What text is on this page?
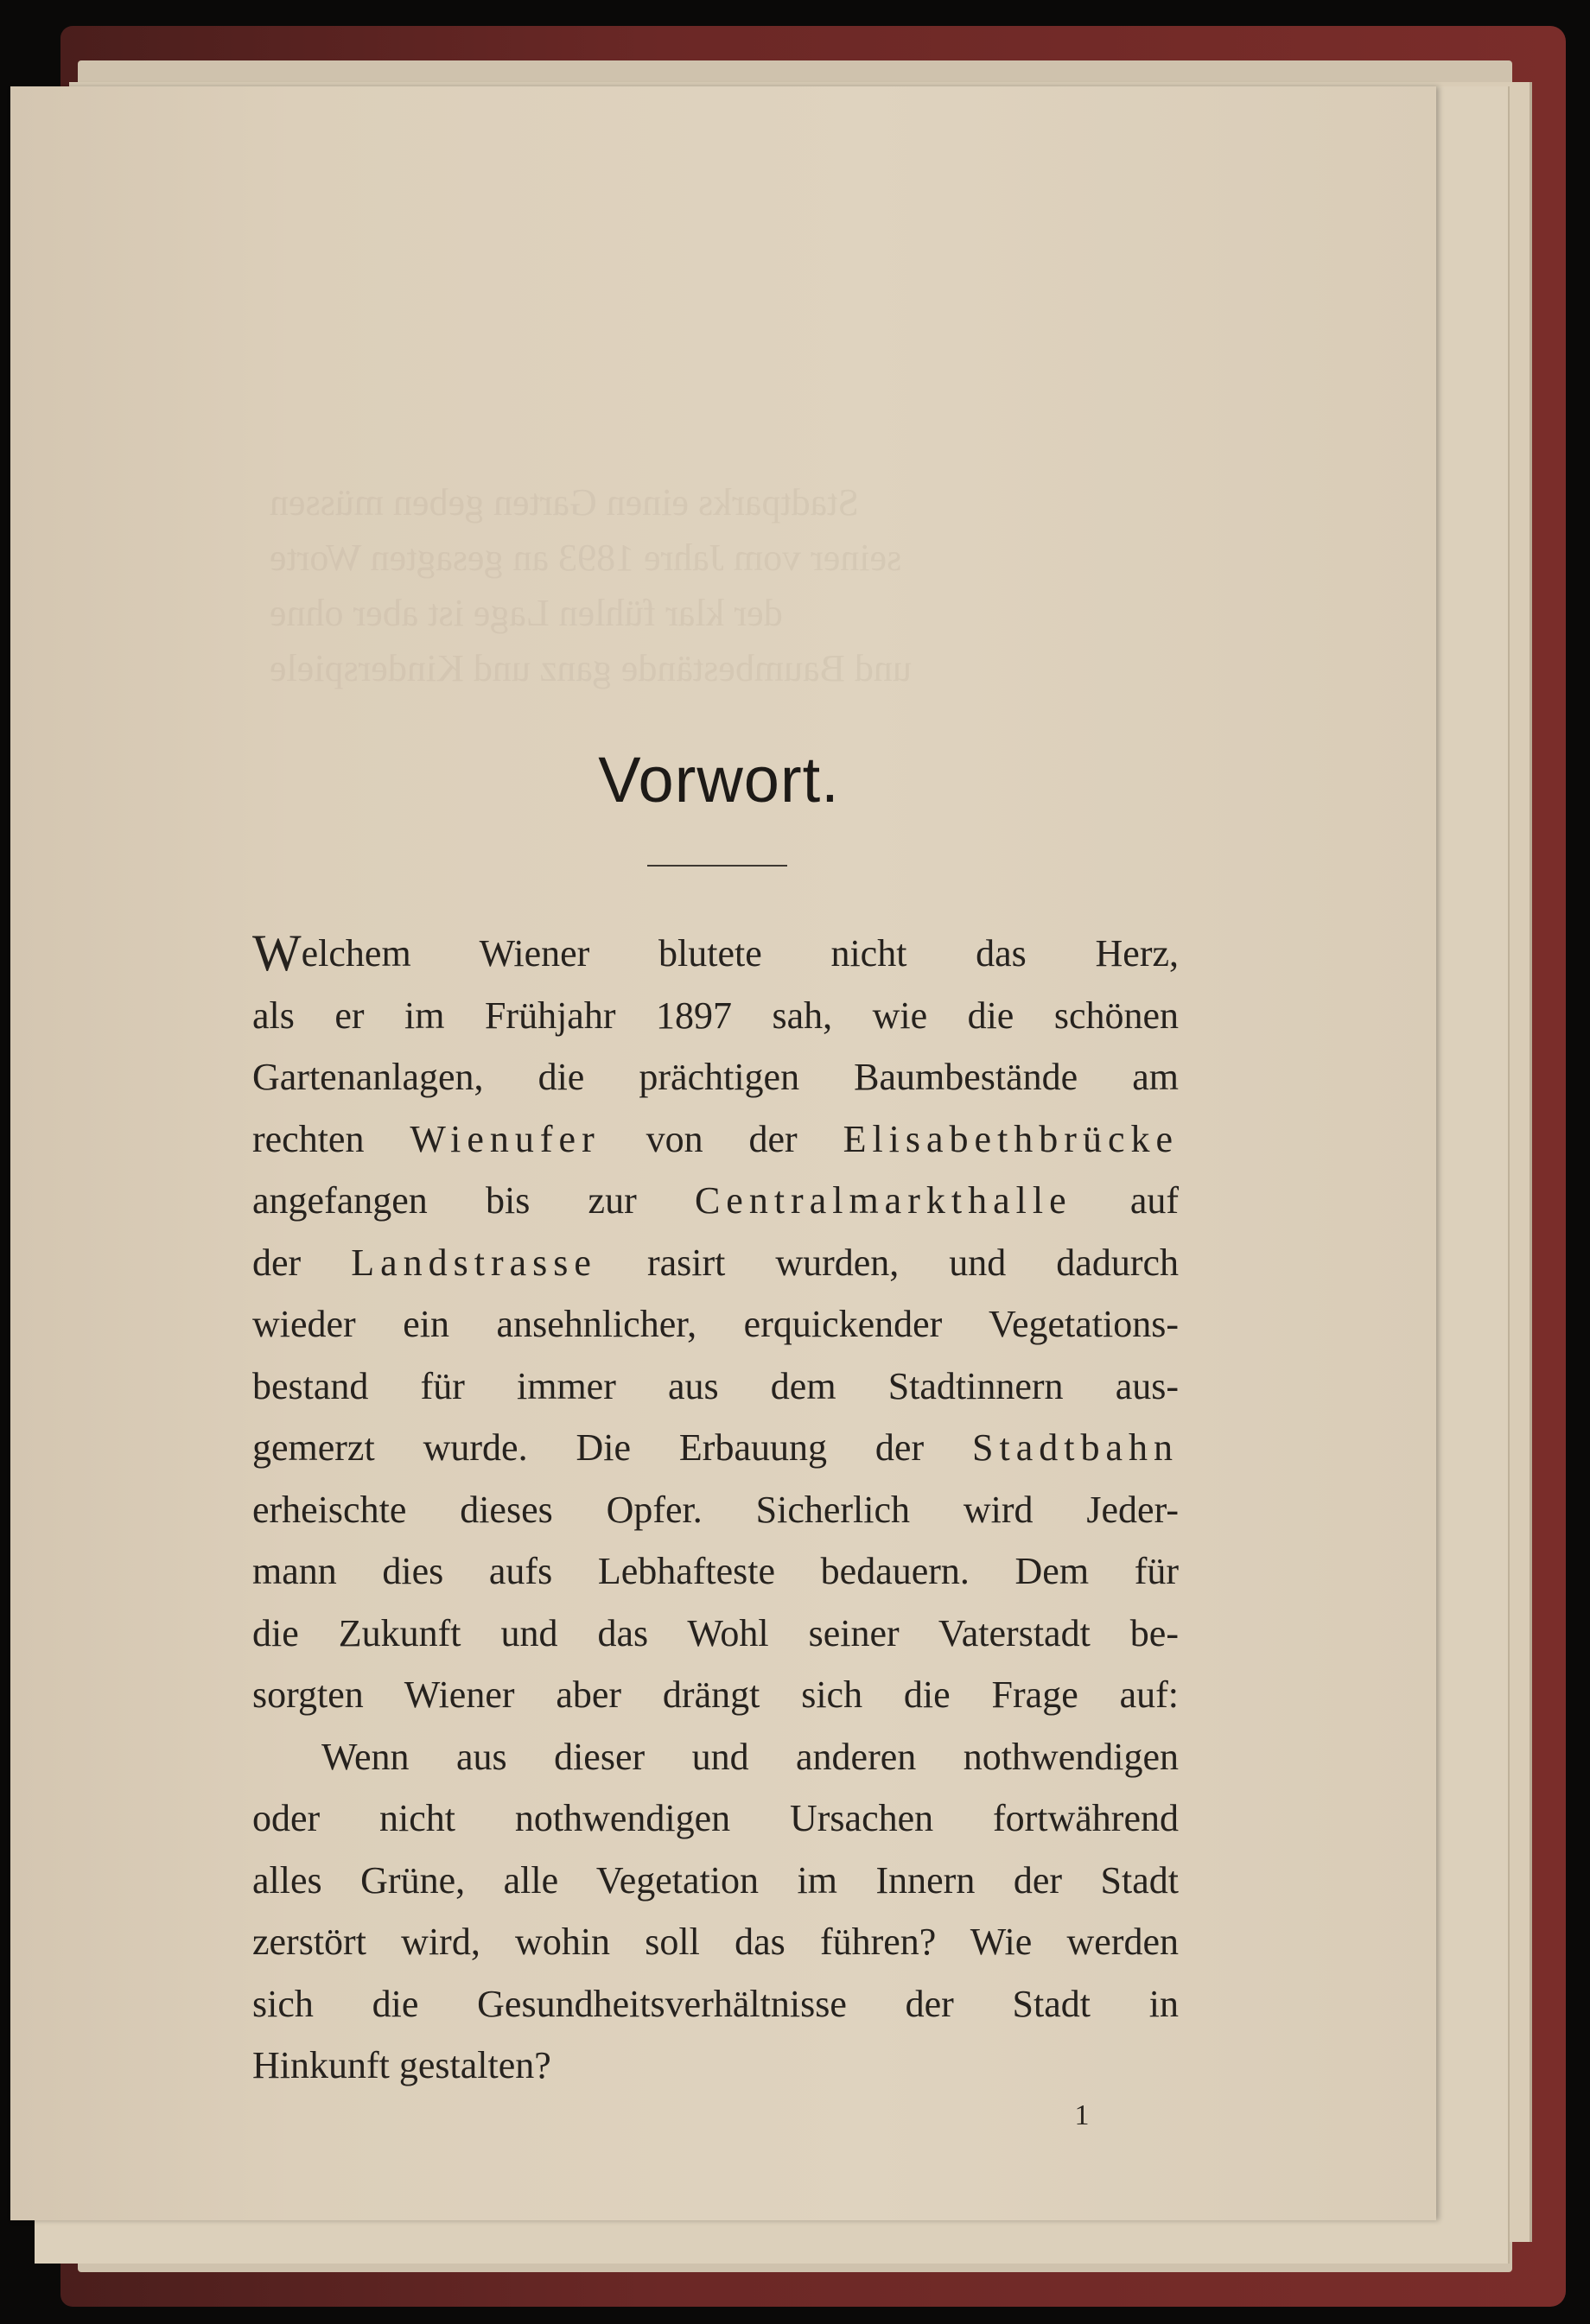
Stadtparks einen Garten geben müssen
seiner vom Jahre 1893 an gesagten Worte
der klar fühlen Lage ist aber ohne
und Baumbestände ganz und Kinderspiele
Vorwort.
Welchem Wiener blutete nicht das Herz,
als er im Frühjahr 1897 sah, wie die schönen
Gartenanlagen, die prächtigen Baumbestände am
rechten Wienufer von der Elisabethbrücke
angefangen bis zur Centralmarkthalle auf
der Landstrasse rasirt wurden, und dadurch
wieder ein ansehnlicher, erquickender Vegetations-
bestand für immer aus dem Stadtinnern aus-
gemerzt wurde. Die Erbauung der Stadtbahn
erheischte dieses Opfer. Sicherlich wird Jeder-
mann dies aufs Lebhafteste bedauern. Dem für
die Zukunft und das Wohl seiner Vaterstadt be-
sorgten Wiener aber drängt sich die Frage auf:
Wenn aus dieser und anderen nothwendigen
oder nicht nothwendigen Ursachen fortwährend
alles Grüne, alle Vegetation im Innern der Stadt
zerstört wird, wohin soll das führen? Wie werden
sich die Gesundheitsverhältnisse der Stadt in
Hinkunft gestalten?
1
